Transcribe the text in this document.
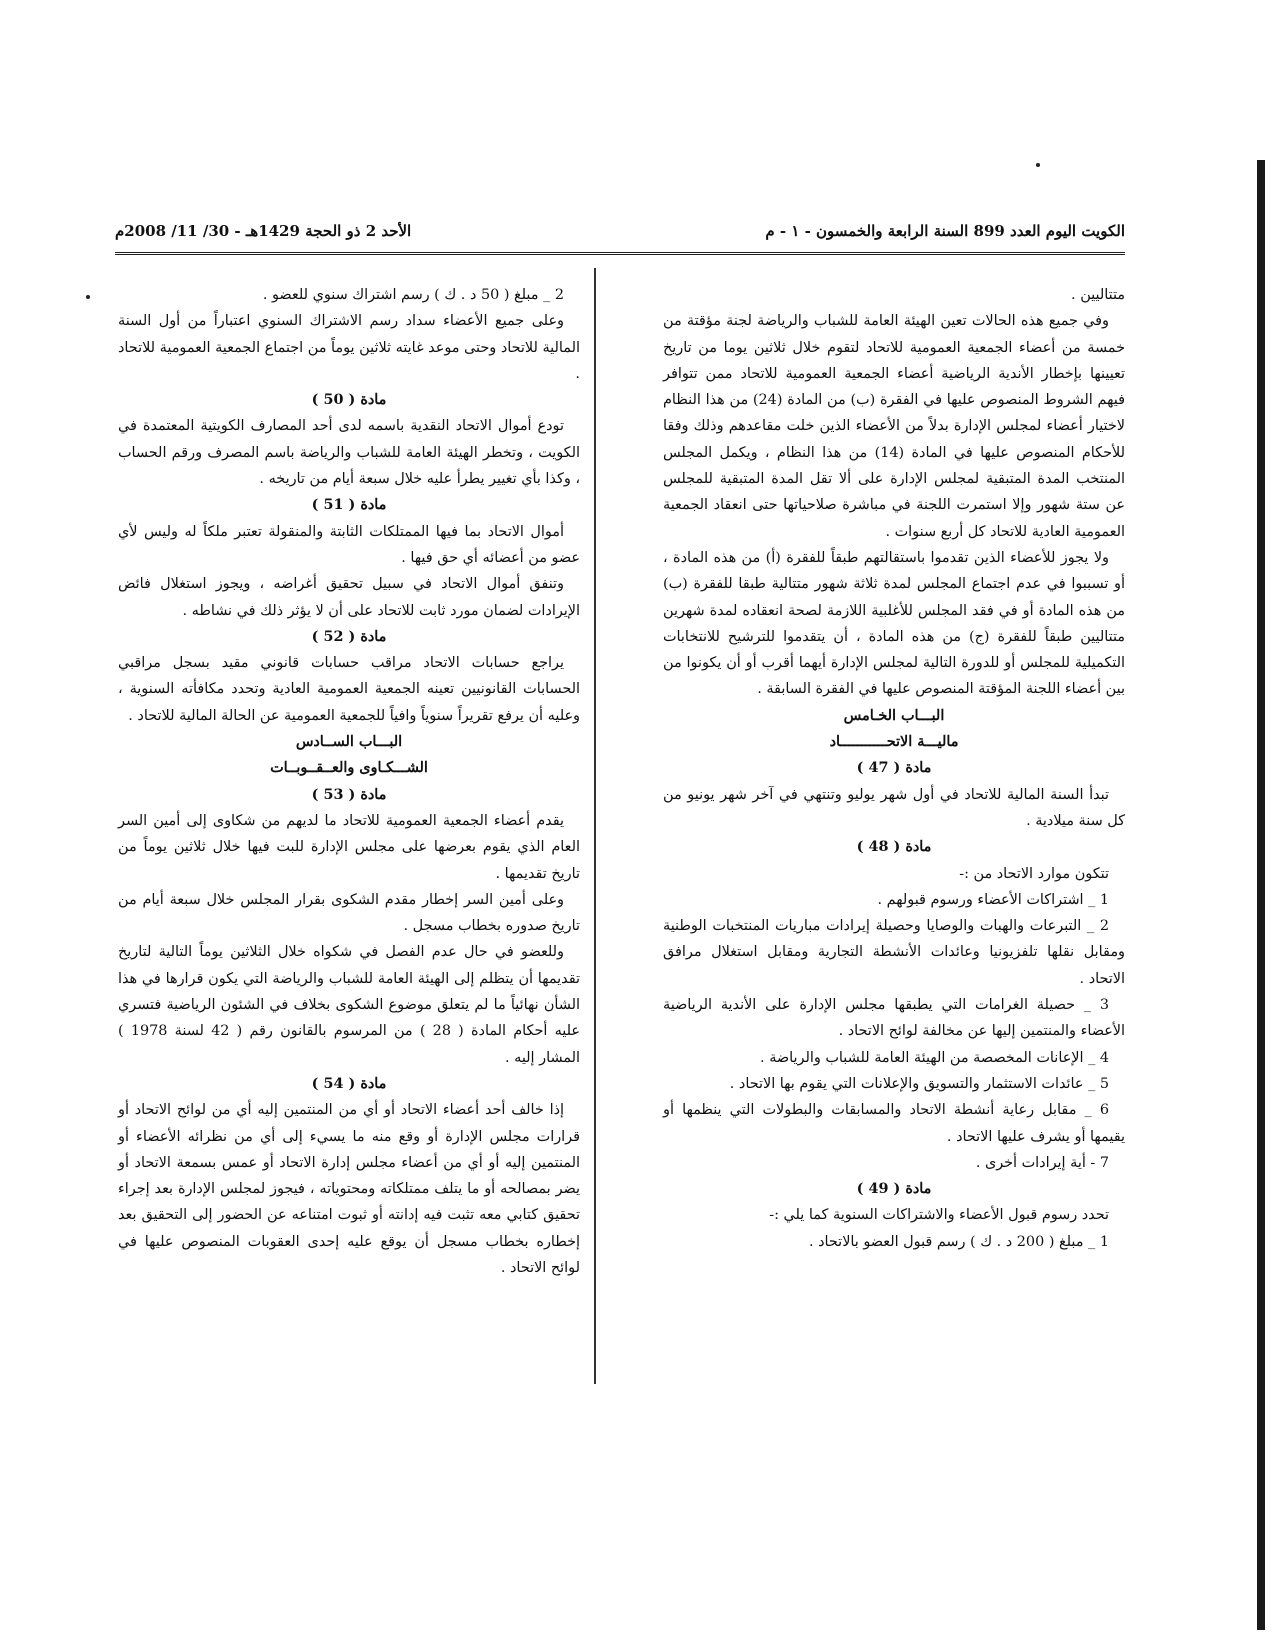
الكويت اليوم العدد 899 السنة الرابعة والخمسون - ١ - م
الأحد 2 ذو الحجة 1429هـ - 30/ 11/ 2008م

متتاليين .

وفي جميع هذه الحالات تعين الهيئة العامة للشباب والرياضة لجنة مؤقتة من خمسة من أعضاء الجمعية العمومية للاتحاد لتقوم خلال ثلاثين يوما من تاريخ تعيينها بإخطار الأندية الرياضية أعضاء الجمعية العمومية للاتحاد ممن تتوافر فيهم الشروط المنصوص عليها في الفقرة (ب) من المادة (24) من هذا النظام لاختيار أعضاء لمجلس الإدارة بدلاً من الأعضاء الذين خلت مقاعدهم وذلك وفقا للأحكام المنصوص عليها في المادة (14) من هذا النظام ، ويكمل المجلس المنتخب المدة المتبقية لمجلس الإدارة على ألا تقل المدة المتبقية للمجلس عن ستة شهور وإلا استمرت اللجنة في مباشرة صلاحياتها حتى انعقاد الجمعية العمومية العادية للاتحاد كل أربع سنوات .

ولا يجوز للأعضاء الذين تقدموا باستقالتهم طبقاً للفقرة (أ) من هذه المادة ، أو تسببوا في عدم اجتماع المجلس لمدة ثلاثة شهور متتالية طبقا للفقرة (ب) من هذه المادة أو في فقد المجلس للأغلبية اللازمة لصحة انعقاده لمدة شهرين متتاليين طبقاً للفقرة (ج) من هذه المادة ، أن يتقدموا للترشيح للانتخابات التكميلية للمجلس أو للدورة التالية لمجلس الإدارة أيهما أقرب أو أن يكونوا من بين أعضاء اللجنة المؤقتة المنصوص عليها في الفقرة السابقة .

البـــاب الخـامس

ماليـــة الاتحـــــــــــاد

مادة ( 47 )

تبدأ السنة المالية للاتحاد في أول شهر يوليو وتنتهي في آخر شهر يونيو من كل سنة ميلادية .

مادة ( 48 )

تتكون موارد الاتحاد من :-

1 _ اشتراكات الأعضاء ورسوم قبولهم .

2 _ التبرعات والهبات والوصايا وحصيلة إيرادات مباريات المنتخبات الوطنية ومقابل نقلها تلفزيونيا وعائدات الأنشطة التجارية ومقابل استغلال مرافق الاتحاد .

3 _ حصيلة الغرامات التي يطبقها مجلس الإدارة على الأندية الرياضية الأعضاء والمنتمين إليها عن مخالفة لوائح الاتحاد .

4 _ الإعانات المخصصة من الهيئة العامة للشباب والرياضة .

5 _ عائدات الاستثمار والتسويق والإعلانات التي يقوم بها الاتحاد .

6 _ مقابل رعاية أنشطة الاتحاد والمسابقات والبطولات التي ينظمها أو يقيمها أو يشرف عليها الاتحاد .

7 - أية إيرادات أخرى .

مادة ( 49 )

تحدد رسوم قبول الأعضاء والاشتراكات السنوية كما يلي :-

1 _ مبلغ ( 200 د . ك ) رسم قبول العضو بالاتحاد .

2 _ مبلغ ( 50 د . ك ) رسم اشتراك سنوي للعضو .

وعلى جميع الأعضاء سداد رسم الاشتراك السنوي اعتباراً من أول السنة المالية للاتحاد وحتى موعد غايته ثلاثين يوماً من اجتماع الجمعية العمومية للاتحاد .

مادة ( 50 )

تودع أموال الاتحاد النقدية باسمه لدى أحد المصارف الكويتية المعتمدة في الكويت ، وتخطر الهيئة العامة للشباب والرياضة باسم المصرف ورقم الحساب ، وكذا بأي تغيير يطرأ عليه خلال سبعة أيام من تاريخه .

مادة ( 51 )

أموال الاتحاد بما فيها الممتلكات الثابتة والمنقولة تعتبر ملكاً له وليس لأي عضو من أعضائه أي حق فيها .

وتنفق أموال الاتحاد في سبيل تحقيق أغراضه ، ويجوز استغلال فائض الإيرادات لضمان مورد ثابت للاتحاد على أن لا يؤثر ذلك في نشاطه .

مادة ( 52 )

يراجع حسابات الاتحاد مراقب حسابات قانوني مقيد بسجل مراقبي الحسابات القانونيين تعينه الجمعية العمومية العادية وتحدد مكافأته السنوية ، وعليه أن يرفع تقريراً سنوياً وافياً للجمعية العمومية عن الحالة المالية للاتحاد .

البـــاب الســادس

الشـــكـاوى والعــقــوبــات

مادة ( 53 )

يقدم أعضاء الجمعية العمومية للاتحاد ما لديهم من شكاوى إلى أمين السر العام الذي يقوم بعرضها على مجلس الإدارة للبت فيها خلال ثلاثين يوماً من تاريخ تقديمها .

وعلى أمين السر إخطار مقدم الشكوى بقرار المجلس خلال سبعة أيام من تاريخ صدوره بخطاب مسجل .

وللعضو في حال عدم الفصل في شكواه خلال الثلاثين يوماً التالية لتاريخ تقديمها أن يتظلم إلى الهيئة العامة للشباب والرياضة التي يكون قرارها في هذا الشأن نهائياً ما لم يتعلق موضوع الشكوى بخلاف في الشئون الرياضية فتسري عليه أحكام المادة ( 28 ) من المرسوم بالقانون رقم ( 42 لسنة 1978 ) المشار إليه .

مادة ( 54 )

إذا خالف أحد أعضاء الاتحاد أو أي من المنتمين إليه أي من لوائح الاتحاد أو قرارات مجلس الإدارة أو وقع منه ما يسيء إلى أي من نظرائه الأعضاء أو المنتمين إليه أو أي من أعضاء مجلس إدارة الاتحاد أو عمس بسمعة الاتحاد أو يضر بمصالحه أو ما يتلف ممتلكاته ومحتوياته ، فيجوز لمجلس الإدارة بعد إجراء تحقيق كتابي معه تثبت فيه إدانته أو ثبوت امتناعه عن الحضور إلى التحقيق بعد إخطاره بخطاب مسجل أن يوقع عليه إحدى العقوبات المنصوص عليها في لوائح الاتحاد .
